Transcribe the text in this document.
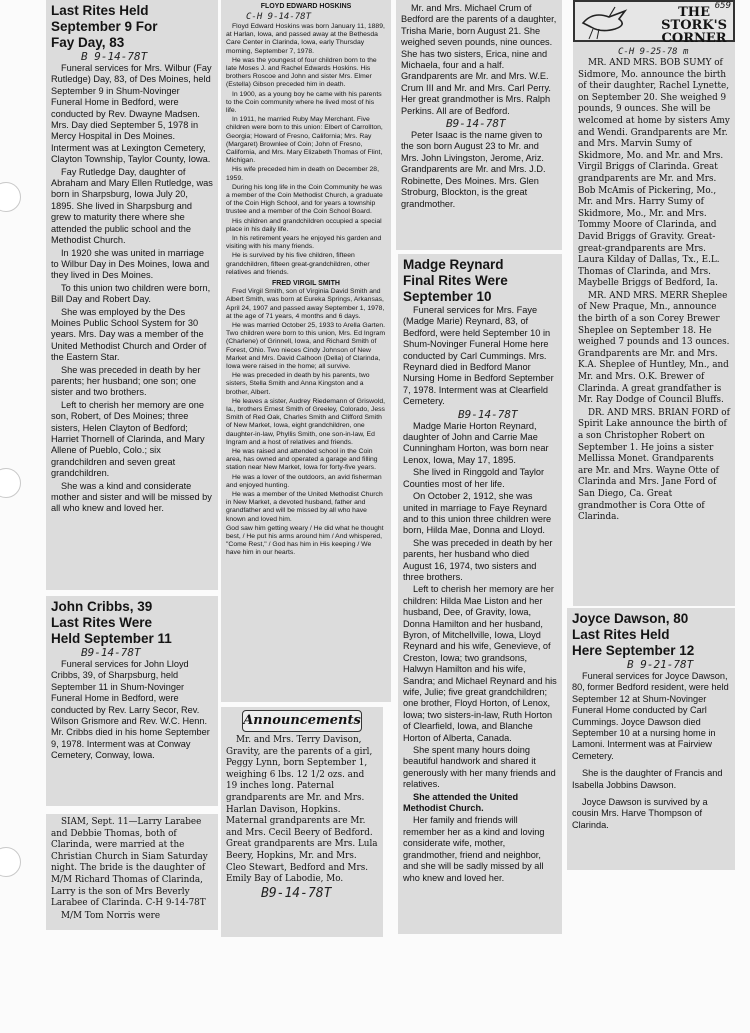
Last Rites Held
September 9 For
Fay Day, 83
B 9-14-78T

Funeral services for Mrs. Wilbur (Fay Rutledge) Day, 83, of Des Moines, held September 9 in Shum-Novinger Funeral Home in Bedford, were conducted by Rev. Dwayne Madsen. Mrs. Day died September 5, 1978 in Mercy Hospital in Des Moines. Interment was at Lexington Cemetery, Clayton Township, Taylor County, Iowa.

Fay Rutledge Day, daughter of Abraham and Mary Ellen Rutledge, was born in Sharpsburg, Iowa July 20, 1895. She lived in Sharpsburg and grew to maturity there where she attended the public school and the Methodist Church.

In 1920 she was united in marriage to Wilbur Day in Des Moines, Iowa and they lived in Des Moines.

To this union two children were born, Bill Day and Robert Day.

She was employed by the Des Moines Public School System for 30 years. Mrs. Day was a member of the United Methodist Church and Order of the Eastern Star.

She was preceded in death by her parents; her husband; one son; one sister and two brothers.

Left to cherish her memory are one son, Robert, of Des Moines; three sisters, Helen Clayton of Bedford; Harriet Thornell of Clarinda, and Mary Allene of Pueblo, Colo.; six grandchildren and seven great grandchildren.

She was a kind and considerate mother and sister and will be missed by all who knew and loved her.

John Cribbs, 39
Last Rites Were
Held September 11
B9-14-78T

Funeral services for John Lloyd Cribbs, 39, of Sharpsburg, held September 11 in Shum-Novinger Funeral Home in Bedford, were conducted by Rev. Larry Secor, Rev. Wilson Grismore and Rev. W.C. Henn. Mr. Cribbs died in his home September 9, 1978. Interment was at Conway Cemetery, Conway, Iowa.

SIAM, Sept. 11—Larry Larabee and Debbie Thomas, both of Clarinda, were married at the Christian Church in Siam Saturday night. The bride is the daughter of M/M Richard Thomas of Clarinda, Larry is the son of Mrs Beverly Larabee of Clarinda. C-H 9-14-78T

M/M Tom Norris were

FLOYD EDWARD HOSKINS
C-H 9-14-78T

Floyd Edward Hoskins was born January 11, 1889, at Harlan, Iowa, and passed away at the Bethesda Care Center in Clarinda, Iowa, early Thursday morning, September 7, 1978.

He was the youngest of four children born to the late Moses J. and Rachel Edwards Hoskins. His brothers Roscoe and John and sister Mrs. Elmer (Estella) Gibson preceded him in death.

In 1900, as a young boy he came with his parents to the Coin community where he lived most of his life.

In 1911, he married Ruby May Merchant. Five children were born to this union: Elbert of Carrollton, Georgia; Howard of Fresno, California; Mrs. Ray (Margaret) Brownlee of Coin; John of Fresno, California, and Mrs. Mary Elizabeth Thomas of Flint, Michigan.

His wife preceded him in death on December 28, 1959.

During his long life in the Coin Community he was a member of the Coin Methodist Church, a graduate of the Coin High School, and for years a township trustee and a member of the Coin School Board.

His children and grandchildren occupied a special place in his daily life.

In his retirement years he enjoyed his garden and visiting with his many friends.

He is survived by his five children, fifteen grandchildren, fifteen great-grandchildren, other relatives and friends.

FRED VIRGIL SMITH

Fred Virgil Smith, son of Virginia David Smith and Albert Smith, was born at Eureka Springs, Arkansas, April 24, 1907 and passed away September 1, 1978, at the age of 71 years, 4 months and 6 days.

He was married October 25, 1933 to Arella Garten. Two children were born to this union, Mrs. Ed Ingram (Charlene) of Grinnell, Iowa, and Richard Smith of Forest, Ohio. Two nieces Cindy Johnson of New Market and Mrs. David Calhoon (Della) of Clarinda, Iowa were raised in the home; all survive.

He was preceded in death by his parents, two sisters, Stella Smith and Anna Kingston and a brother, Albert.

He leaves a sister, Audrey Riedemann of Griswold, Ia., brothers Ernest Smith of Greeley, Colorado, Jess Smith of Red Oak, Charles Smith and Clifford Smith of New Market, Iowa, eight grandchildren, one daughter-in-law, Phyllis Smith, one son-in-law, Ed Ingram and a host of relatives and friends.

He was raised and attended school in the Coin area, has owned and operated a garage and filling station near New Market, Iowa for forty-five years.

He was a lover of the outdoors, an avid fisherman and enjoyed hunting.

He was a member of the United Methodist Church in New Market, a devoted husband, father and grandfather and will be missed by all who have known and loved him.

God saw him getting weary / He did what he thought best, / He put his arms around him / And whispered, "Come Rest," / God has him in His keeping / We have him in our hearts.

Announcements

Mr. and Mrs. Terry Davison, Gravity, are the parents of a girl, Peggy Lynn, born September 1, weighing 6 lbs. 12 1/2 ozs. and 19 inches long. Paternal grandparents are Mr. and Mrs. Harlan Davison, Hopkins. Maternal grandparents are Mr. and Mrs. Cecil Beery of Bedford. Great grandparents are Mrs. Lula Beery, Hopkins, Mr. and Mrs. Cleo Stewart, Bedford and Mrs. Emily Bay of Labodie, Mo.

B9-14-78T

Mr. and Mrs. Michael Crum of Bedford are the parents of a daughter, Trisha Marie, born August 21. She weighed seven pounds, nine ounces. She has two sisters, Erica, nine and Michaela, four and a half. Grandparents are Mr. and Mrs. W.E. Crum III and Mr. and Mrs. Carl Perry. Her great grandmother is Mrs. Ralph Perkins. All are of Bedford.

B9-14-78T

Peter Isaac is the name given to the son born August 23 to Mr. and Mrs. John Livingston, Jerome, Ariz. Grandparents are Mr. and Mrs. J.D. Robinette, Des Moines. Mrs. Glen Stroburg, Blockton, is the great grandmother.

Madge Reynard
Final Rites Were
September 10

Funeral services for Mrs. Faye (Madge Marie) Reynard, 83, of Bedford, were held September 10 in Shum-Novinger Funeral Home here conducted by Carl Cummings. Mrs. Reynard died in Bedford Manor Nursing Home in Bedford September 7, 1978. Interment was at Clearfield Cemetery.

B9-14-78T

Madge Marie Horton Reynard, daughter of John and Carrie Mae Cunningham Horton, was born near Lenox, Iowa, May 17, 1895.

She lived in Ringgold and Taylor Counties most of her life.

On October 2, 1912, she was united in marriage to Faye Reynard and to this union three children were born, Hilda Mae, Donna and Lloyd.

She was preceded in death by her parents, her husband who died August 16, 1974, two sisters and three brothers.

Left to cherish her memory are her children: Hilda Mae Liston and her husband, Dee, of Gravity, Iowa, Donna Hamilton and her husband, Byron, of Mitchellville, Iowa, Lloyd Reynard and his wife, Genevieve, of Creston, Iowa; two grandsons, Halwyn Hamilton and his wife, Sandra; and Michael Reynard and his wife, Julie; five great grandchildren; one brother, Floyd Horton, of Lenox, Iowa; two sisters-in-law, Ruth Horton of Clearfield, Iowa, and Blanche Horton of Alberta, Canada.

She spent many hours doing beautiful handwork and shared it generously with her many friends and relatives.

She attended the United Methodist Church.

Her family and friends will remember her as a kind and loving considerate wife, mother, grandmother, friend and neighbor, and she will be sadly missed by all who knew and loved her.

THE
STORK'S
CORNER
659
C-H 9-25-78 m

MR. AND MRS. BOB SUMY of Sidmore, Mo. announce the birth of their daughter, Rachel Lynette, on September 20. She weighed 9 pounds, 9 ounces. She will be welcomed at home by sisters Amy and Wendi. Grandparents are Mr. and Mrs. Marvin Sumy of Skidmore, Mo. and Mr. and Mrs. Virgil Briggs of Clarinda. Great grandparents are Mr. and Mrs. Bob McAmis of Pickering, Mo., Mr. and Mrs. Harry Sumy of Skidmore, Mo., Mr. and Mrs. Tommy Moore of Clarinda, and David Briggs of Gravity. Great-great-grandparents are Mrs. Laura Kilday of Dallas, Tx., E.L. Thomas of Clarinda, and Mrs. Maybelle Briggs of Bedford, Ia.

MR. AND MRS. MERR Sheplee of New Praque, Mn., announce the birth of a son Corey Brewer Sheplee on September 18. He weighed 7 pounds and 13 ounces. Grandparents are Mr. and Mrs. K.A. Sheplee of Huntley, Mn., and Mr. and Mrs. O.K. Brewer of Clarinda. A great grandfather is Mr. Ray Dodge of Council Bluffs.

DR. AND MRS. BRIAN FORD of Spirit Lake announce the birth of a son Christopher Robert on September 1. He joins a sister Mellissa Monet. Grandparents are Mr. and Mrs. Wayne Otte of Clarinda and Mrs. Jane Ford of San Diego, Ca. Great grandmother is Cora Otte of Clarinda.

Joyce Dawson, 80
Last Rites Held
Here September 12
B 9-21-78T

Funeral services for Joyce Dawson, 80, former Bedford resident, were held September 12 at Shum-Novinger Funeral Home conducted by Carl Cummings. Joyce Dawson died September 10 at a nursing home in Lamoni. Interment was at Fairview Cemetery.

She is the daughter of Francis and Isabella Jobbins Dawson.

Joyce Dawson is survived by a cousin Mrs. Harve Thompson of Clarinda.
